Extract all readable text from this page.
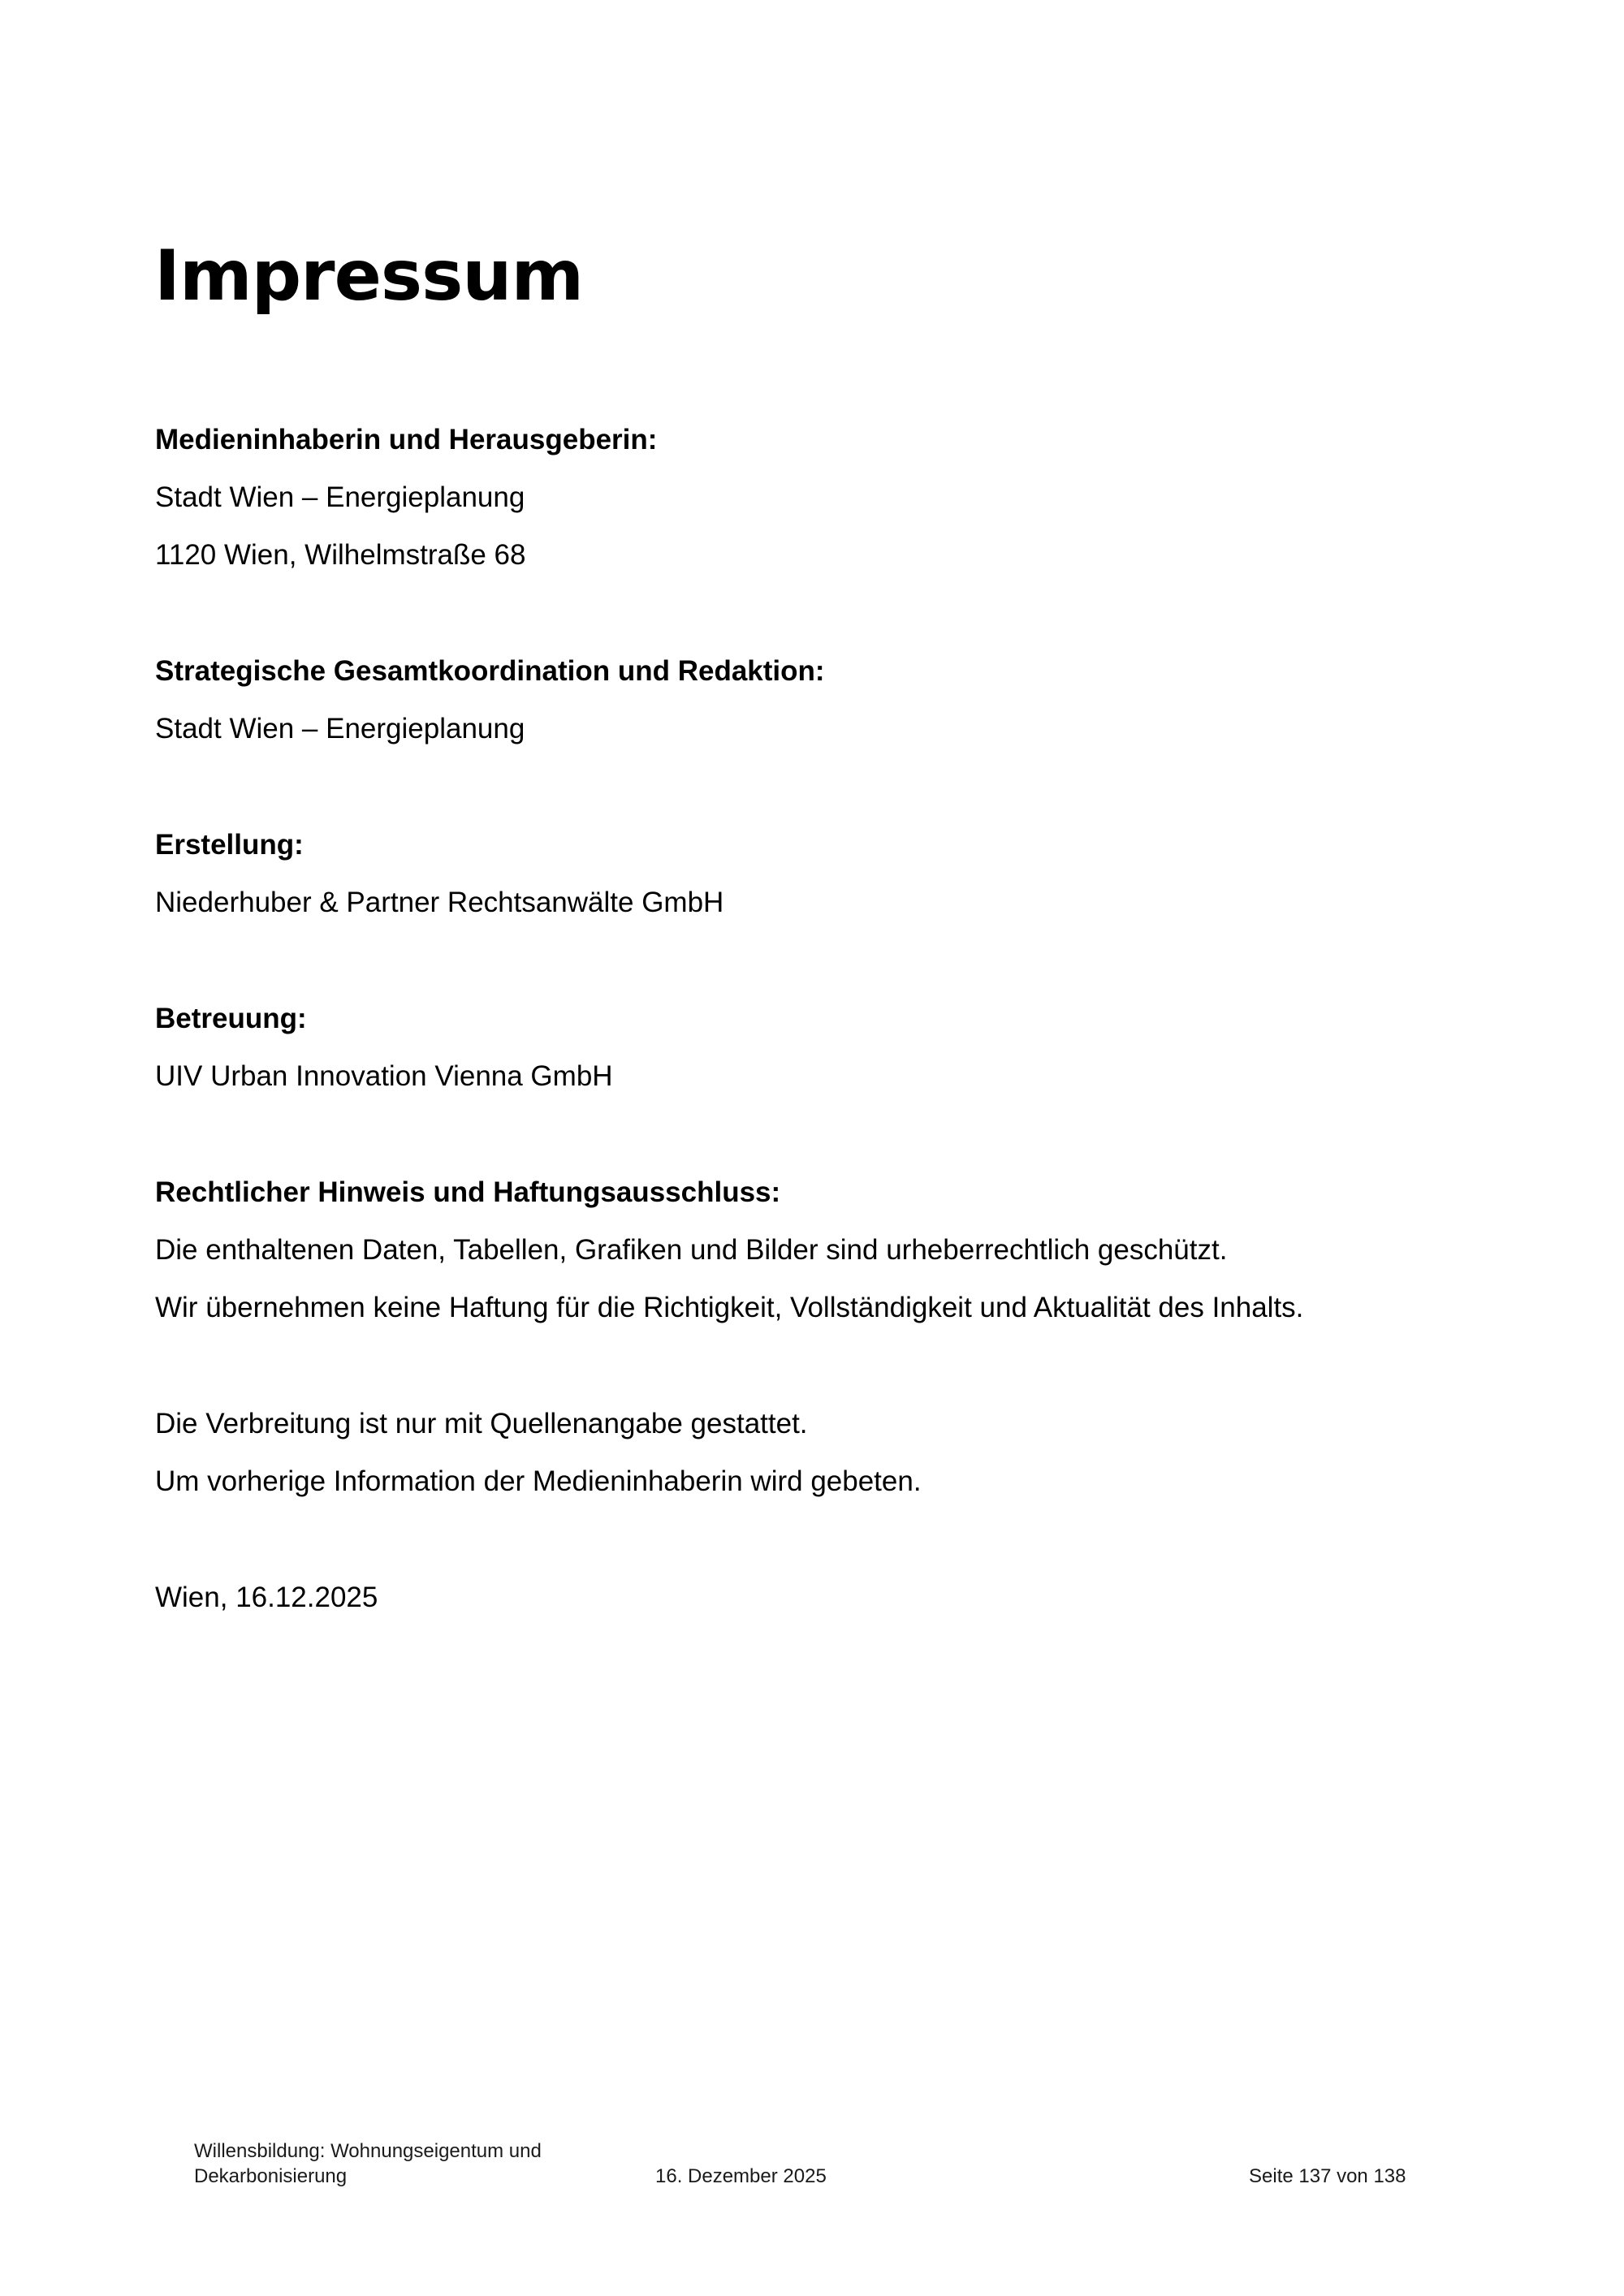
Impressum

Medieninhaberin und Herausgeberin:

Stadt Wien – Energieplanung

1120 Wien, Wilhelmstraße 68

Strategische Gesamtkoordination und Redaktion:

Stadt Wien – Energieplanung

Erstellung:

Niederhuber & Partner Rechtsanwälte GmbH

Betreuung:

UIV Urban Innovation Vienna GmbH

Rechtlicher Hinweis und Haftungsausschluss:

Die enthaltenen Daten, Tabellen, Grafiken und Bilder sind urheberrechtlich geschützt.

Wir übernehmen keine Haftung für die Richtigkeit, Vollständigkeit und Aktualität des Inhalts.

Die Verbreitung ist nur mit Quellenangabe gestattet.

Um vorherige Information der Medieninhaberin wird gebeten.

Wien, 16.12.2025

Willensbildung: Wohnungseigentum und

Dekarbonisierung	16. Dezember 2025	Seite 137 von 138
